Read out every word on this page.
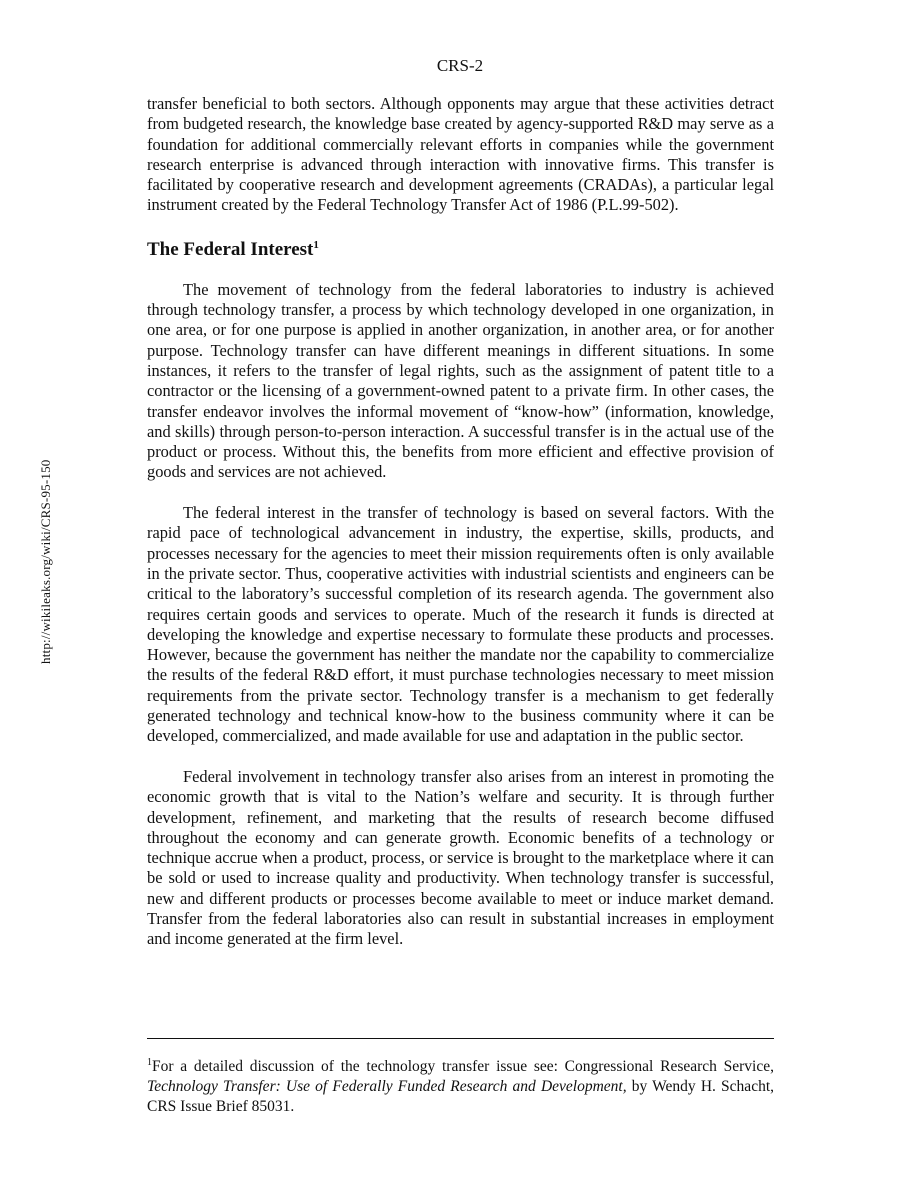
CRS-2
http://wikileaks.org/wiki/CRS-95-150

transfer beneficial to both sectors. Although opponents may argue that these activities detract from budgeted research, the knowledge base created by agency-supported R&D may serve as a foundation for additional commercially relevant efforts in companies while the government research enterprise is advanced through interaction with innovative firms. This transfer is facilitated by cooperative research and development agreements (CRADAs), a particular legal instrument created by the Federal Technology Transfer Act of 1986 (P.L.99-502).

The Federal Interest$^1$

The movement of technology from the federal laboratories to industry is achieved through technology transfer, a process by which technology developed in one organization, in one area, or for one purpose is applied in another organization, in another area, or for another purpose. Technology transfer can have different meanings in different situations. In some instances, it refers to the transfer of legal rights, such as the assignment of patent title to a contractor or the licensing of a government-owned patent to a private firm. In other cases, the transfer endeavor involves the informal movement of “know-how” (information, knowledge, and skills) through person-to-person interaction. A successful transfer is in the actual use of the product or process. Without this, the benefits from more efficient and effective provision of goods and services are not achieved.

The federal interest in the transfer of technology is based on several factors. With the rapid pace of technological advancement in industry, the expertise, skills, products, and processes necessary for the agencies to meet their mission requirements often is only available in the private sector. Thus, cooperative activities with industrial scientists and engineers can be critical to the laboratory’s successful completion of its research agenda. The government also requires certain goods and services to operate. Much of the research it funds is directed at developing the knowledge and expertise necessary to formulate these products and processes. However, because the government has neither the mandate nor the capability to commercialize the results of the federal R&D effort, it must purchase technologies necessary to meet mission requirements from the private sector. Technology transfer is a mechanism to get federally generated technology and technical know-how to the business community where it can be developed, commercialized, and made available for use and adaptation in the public sector.

Federal involvement in technology transfer also arises from an interest in promoting the economic growth that is vital to the Nation’s welfare and security. It is through further development, refinement, and marketing that the results of research become diffused throughout the economy and can generate growth. Economic benefits of a technology or technique accrue when a product, process, or service is brought to the marketplace where it can be sold or used to increase quality and productivity. When technology transfer is successful, new and different products or processes become available to meet or induce market demand. Transfer from the federal laboratories also can result in substantial increases in employment and income generated at the firm level.

$^1$For a detailed discussion of the technology transfer issue see: Congressional Research Service, Technology Transfer: Use of Federally Funded Research and Development, by Wendy H. Schacht, CRS Issue Brief 85031.
